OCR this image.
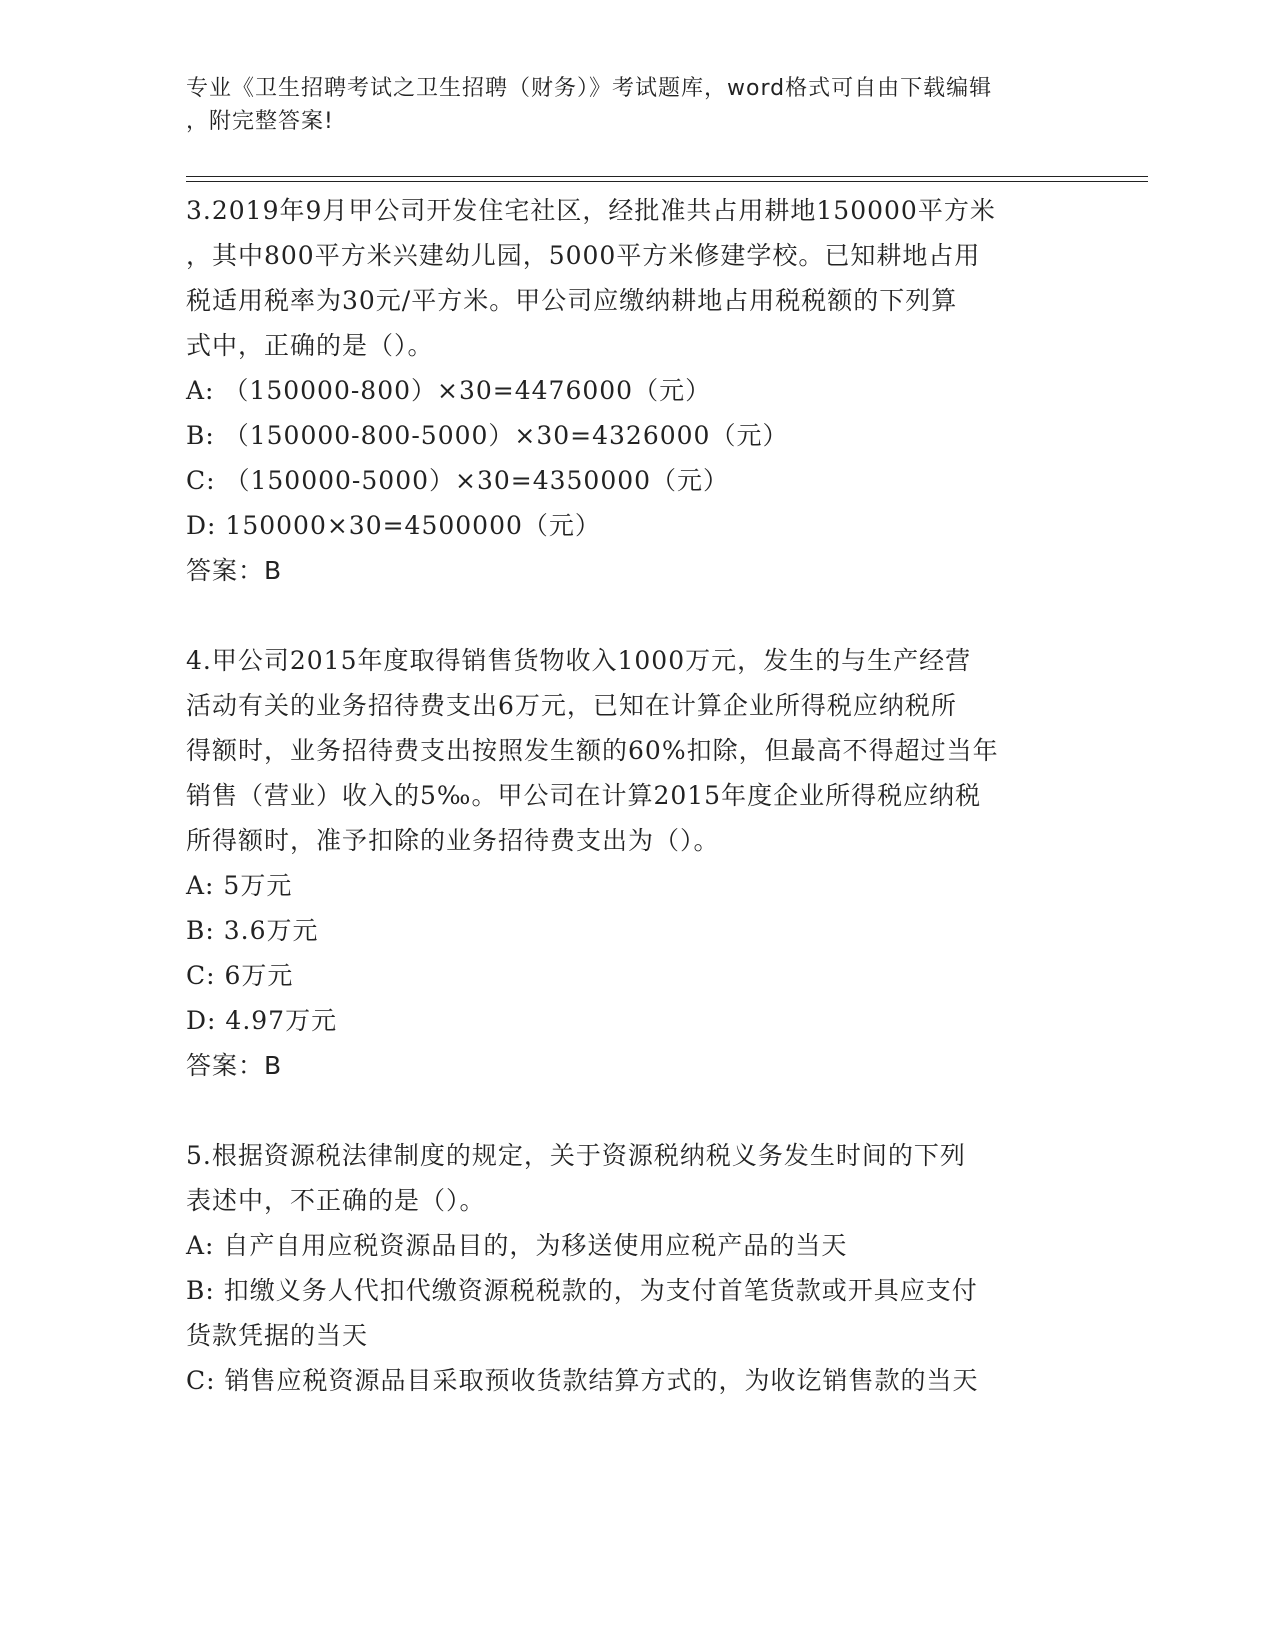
专业《卫生招聘考试之卫生招聘（财务）》考试题库，word格式可自由下载编辑
，附完整答案!

3.2019年9月甲公司开发住宅社区，经批准共占用耕地150000平方米

，其中800平方米兴建幼儿园，5000平方米修建学校。已知耕地占用

税适用税率为30元/平方米。甲公司应缴纳耕地占用税税额的下列算

式中，正确的是（）。

A: （150000-800）×30=4476000（元）

B: （150000-800-5000）×30=4326000（元）

C: （150000-5000）×30=4350000（元）

D: 150000×30=4500000（元）

答案：B

4.甲公司2015年度取得销售货物收入1000万元，发生的与生产经营

活动有关的业务招待费支出6万元，已知在计算企业所得税应纳税所

得额时，业务招待费支出按照发生额的60%扣除，但最高不得超过当年

销售（营业）收入的5‰。甲公司在计算2015年度企业所得税应纳税

所得额时，准予扣除的业务招待费支出为（）。

A: 5万元

B: 3.6万元

C: 6万元

D: 4.97万元

答案：B

5.根据资源税法律制度的规定，关于资源税纳税义务发生时间的下列

表述中，不正确的是（）。

A: 自产自用应税资源品目的，为移送使用应税产品的当天

B: 扣缴义务人代扣代缴资源税税款的，为支付首笔货款或开具应支付

货款凭据的当天

C: 销售应税资源品目采取预收货款结算方式的，为收讫销售款的当天
